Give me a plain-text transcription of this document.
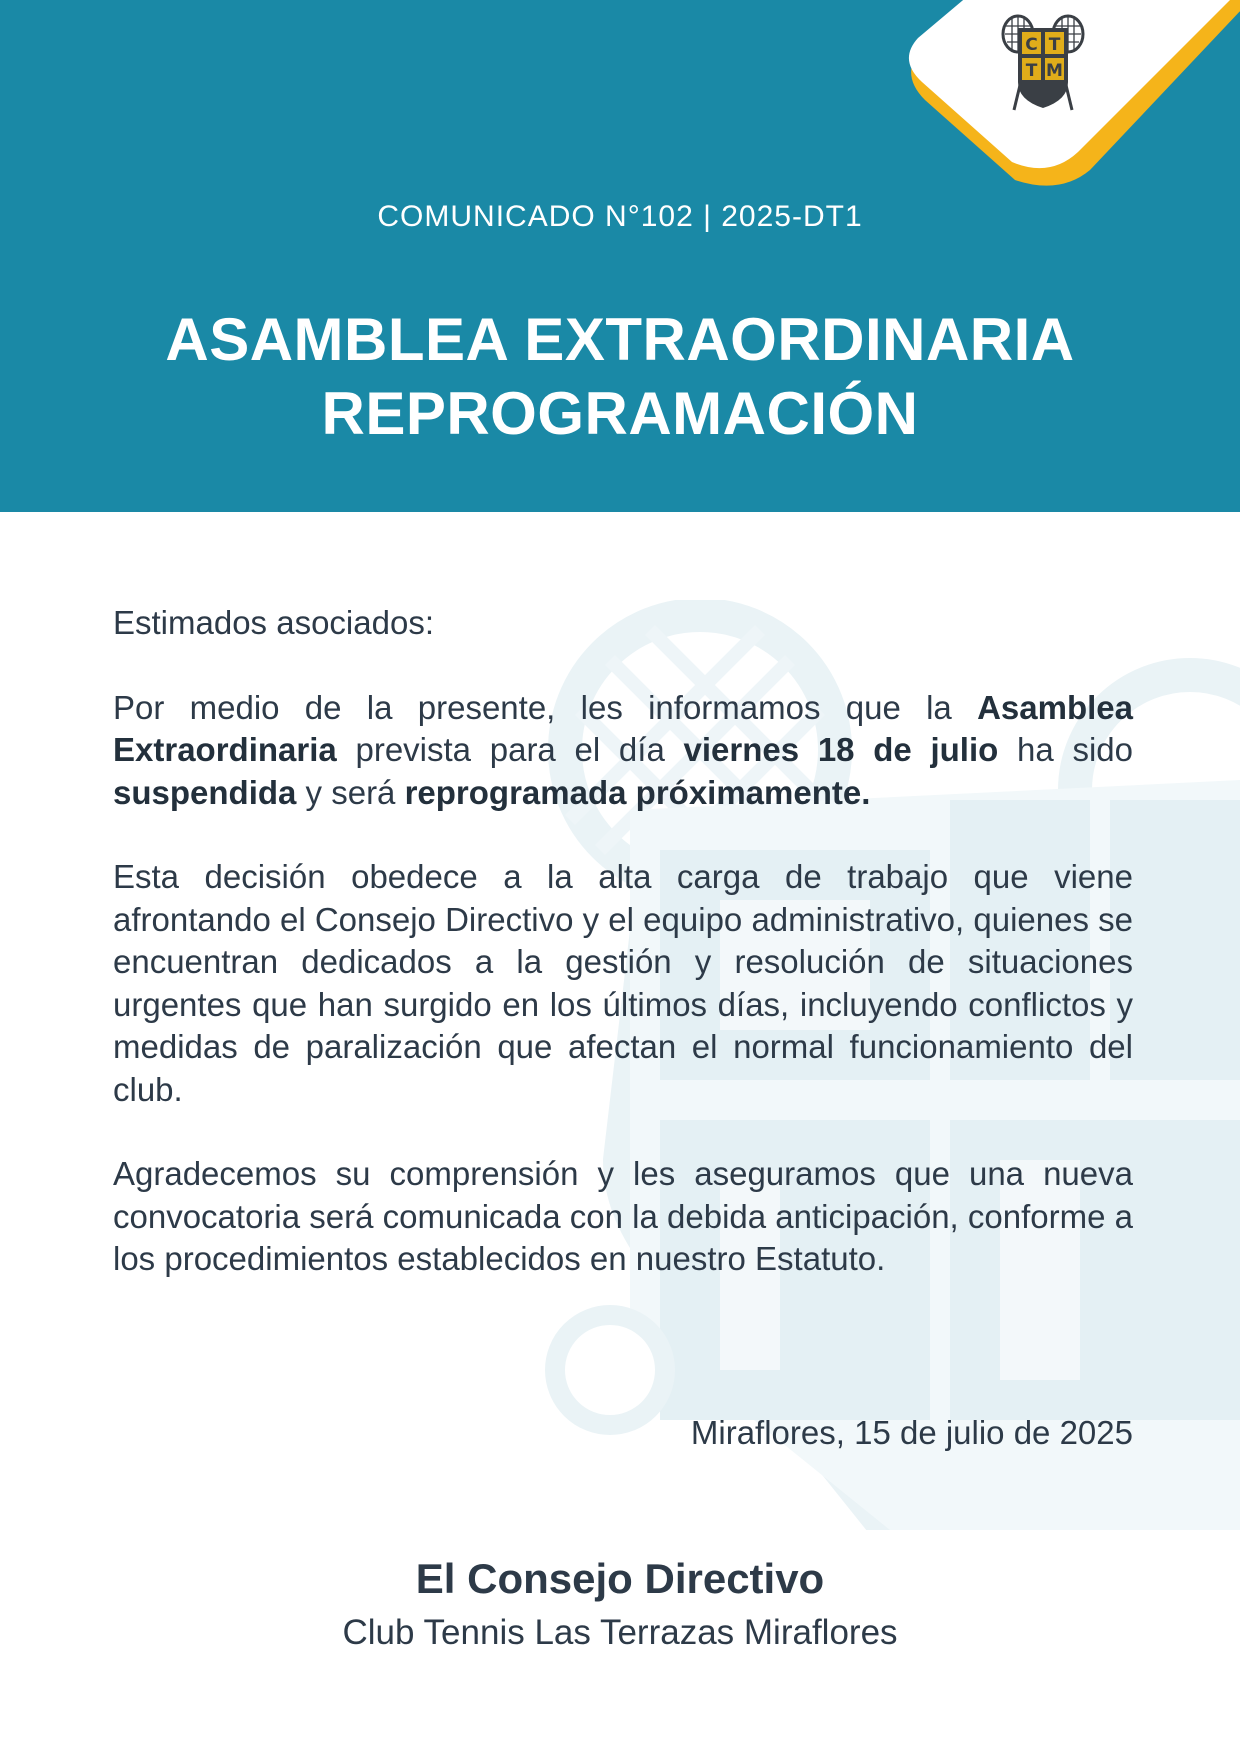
C T
T M
COMUNICADO N°102 | 2025-DT1
ASAMBLEA EXTRAORDINARIA
REPROGRAMACIÓN

Estimados asociados:

Por medio de la presente, les informamos que la Asamblea Extraordinaria prevista para el día viernes 18 de julio ha sido suspendida y será reprogramada próximamente.

Esta decisión obedece a la alta carga de trabajo que viene afrontando el Consejo Directivo y el equipo administrativo, quienes se encuentran dedicados a la gestión y resolución de situaciones urgentes que han surgido en los últimos días, incluyendo conflictos y medidas de paralización que afectan el normal funcionamiento del club.

Agradecemos su comprensión y les aseguramos que una nueva convocatoria será comunicada con la debida anticipación, conforme a los procedimientos establecidos en nuestro Estatuto.

Miraflores, 15 de julio de 2025
El Consejo Directivo
Club Tennis Las Terrazas Miraflores
